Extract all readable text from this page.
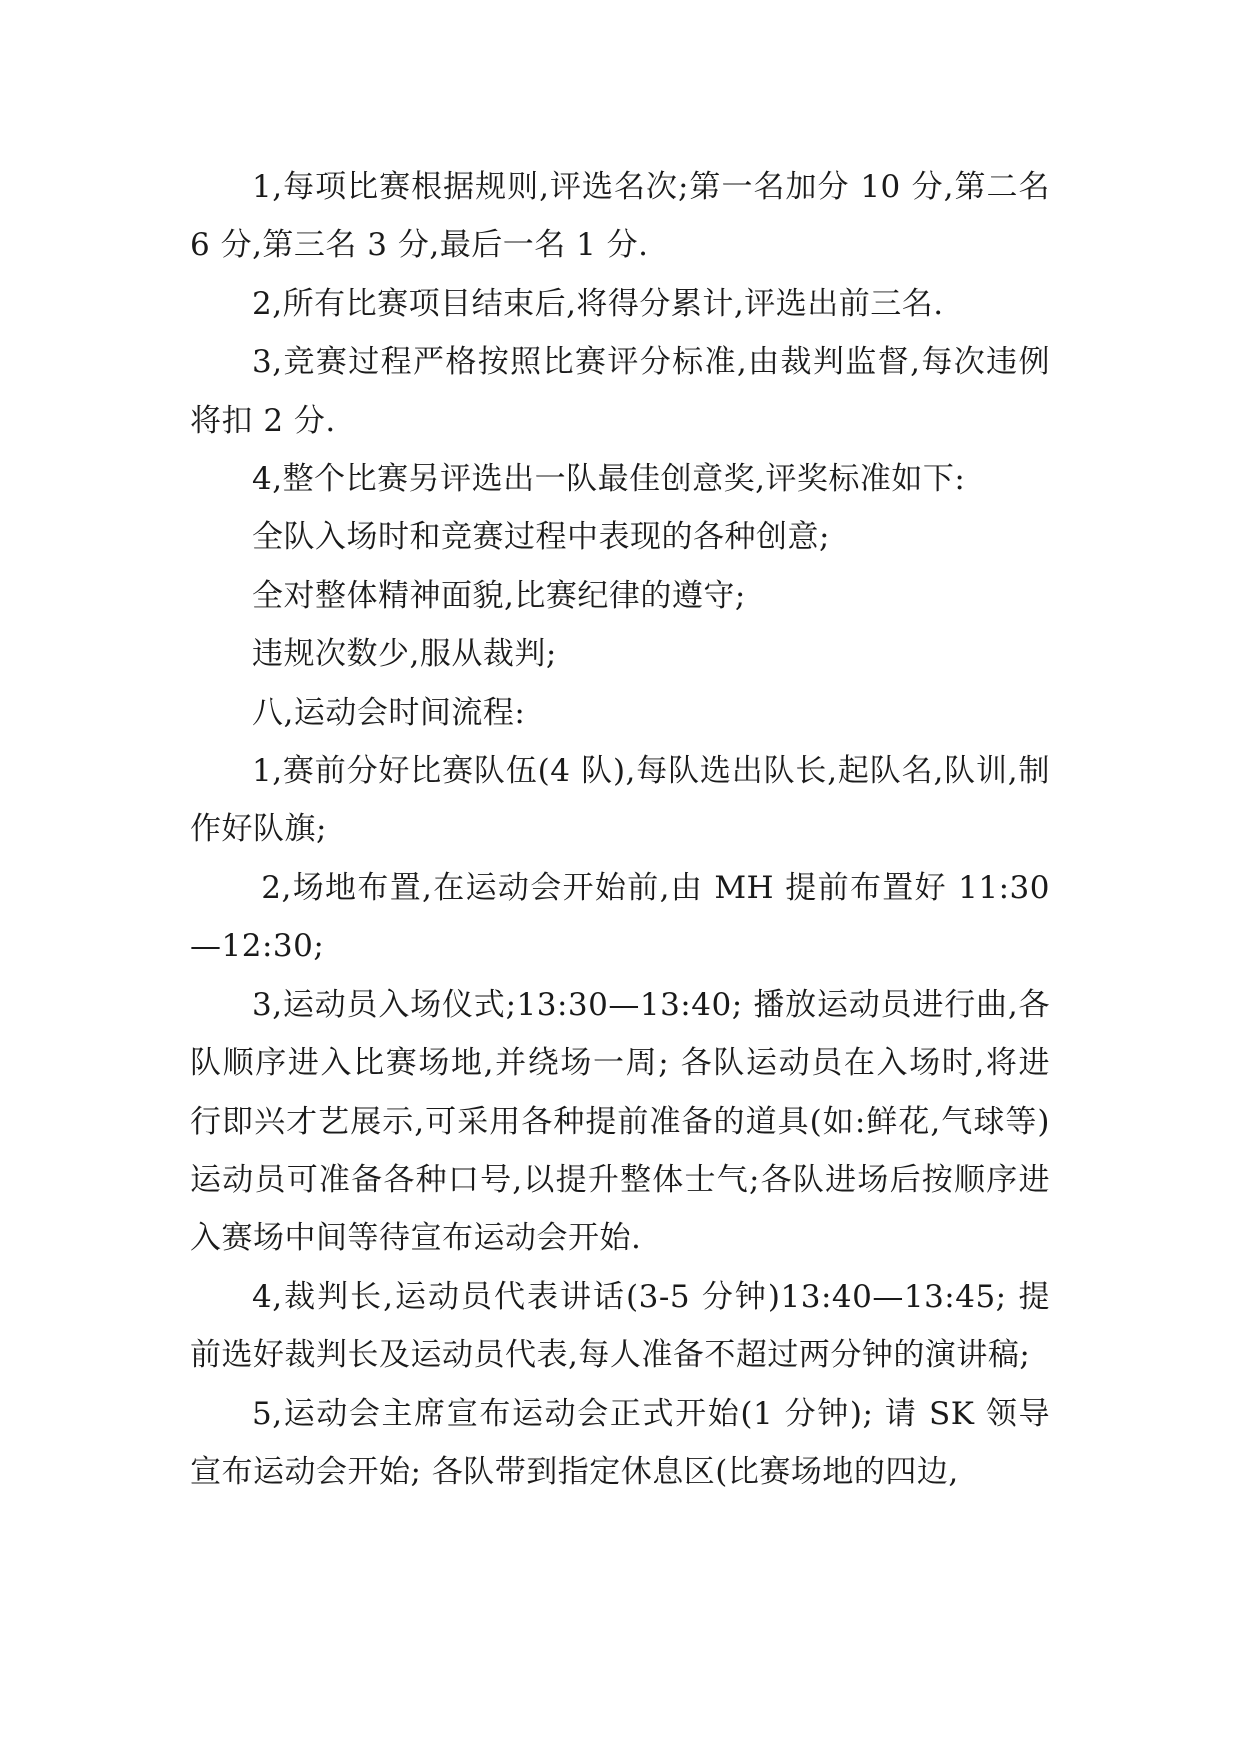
1,每项比赛根据规则,评选名次;第一名加分 10 分,第二名 6 分,第三名 3 分,最后一名 1 分.

2,所有比赛项目结束后,将得分累计,评选出前三名.

3,竞赛过程严格按照比赛评分标准,由裁判监督,每次违例将扣 2 分.

4,整个比赛另评选出一队最佳创意奖,评奖标准如下:

全队入场时和竞赛过程中表现的各种创意;

全对整体精神面貌,比赛纪律的遵守;

违规次数少,服从裁判;

八,运动会时间流程:

1,赛前分好比赛队伍(4 队),每队选出队长,起队名,队训,制作好队旗;

2,场地布置,在运动会开始前,由 MH 提前布置好 11:30—12:30;

3,运动员入场仪式;13:30—13:40; 播放运动员进行曲,各队顺序进入比赛场地,并绕场一周; 各队运动员在入场时,将进行即兴才艺展示,可采用各种提前准备的道具(如:鲜花,气球等) 运动员可准备各种口号,以提升整体士气;各队进场后按顺序进入赛场中间等待宣布运动会开始.

4,裁判长,运动员代表讲话(3-5 分钟)13:40—13:45; 提前选好裁判长及运动员代表,每人准备不超过两分钟的演讲稿;

5,运动会主席宣布运动会正式开始(1 分钟); 请 SK 领导宣布运动会开始; 各队带到指定休息区(比赛场地的四边,
